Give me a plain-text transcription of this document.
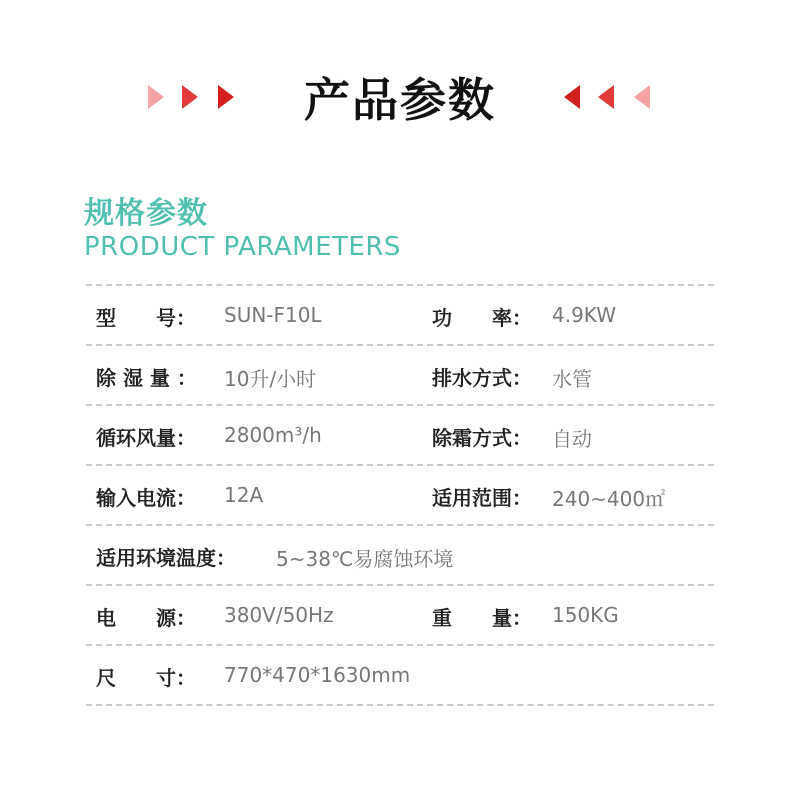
产品参数
规格参数
PRODUCT PARAMETERS
型　　号： SUN-F10L	功　　率： 4.9KW
除 湿 量 ： 10升/小时	排水方式： 水管
循环风量： 2800m³/h	除霜方式： 自动
输入电流： 12A	适用范围： 240~400㎡
适用环境温度： 5~38℃易腐蚀环境
电　　源： 380V/50Hz	重　　量： 150KG
尺　　寸： 770*470*1630mm
